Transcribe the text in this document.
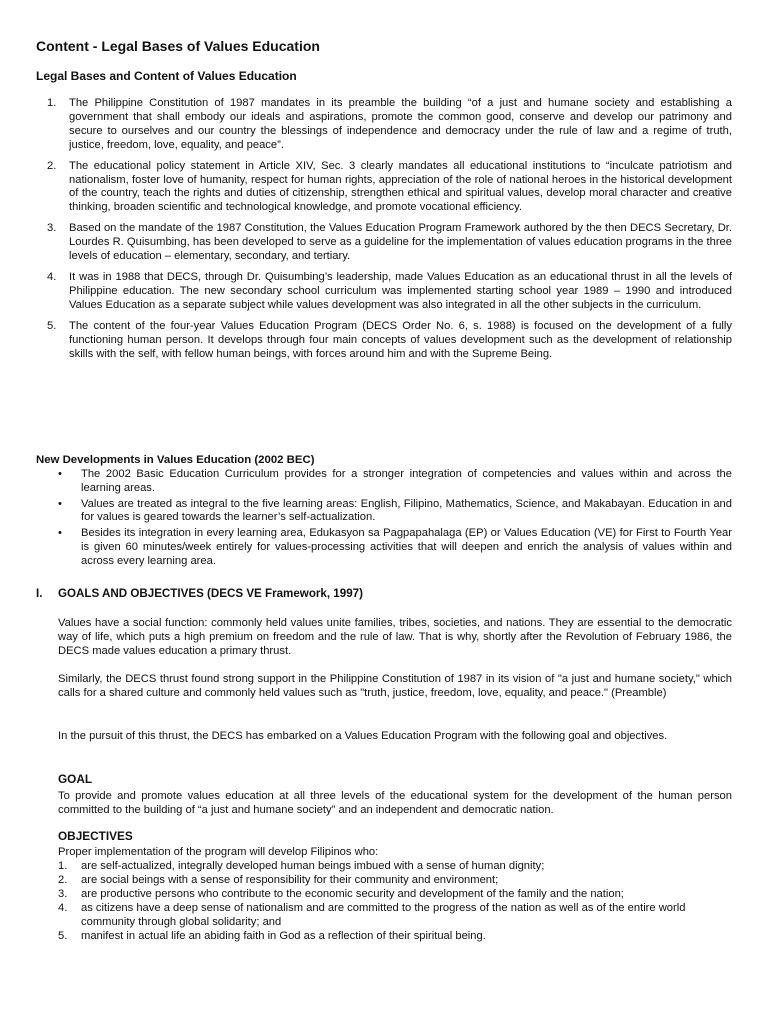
Content - Legal Bases of Values Education
Legal Bases and Content of Values Education
1. The Philippine Constitution of 1987 mandates in its preamble the building “of a just and humane society and establishing a government that shall embody our ideals and aspirations, promote the common good, conserve and develop our patrimony and secure to ourselves and our country the blessings of independence and democracy under the rule of law and a regime of truth, justice, freedom, love, equality, and peace”.
2. The educational policy statement in Article XIV, Sec. 3 clearly mandates all educational institutions to “inculcate patriotism and nationalism, foster love of humanity, respect for human rights, appreciation of the role of national heroes in the historical development of the country, teach the rights and duties of citizenship, strengthen ethical and spiritual values, develop moral character and creative thinking, broaden scientific and technological knowledge, and promote vocational efficiency.
3. Based on the mandate of the 1987 Constitution, the Values Education Program Framework authored by the then DECS Secretary, Dr. Lourdes R. Quisumbing, has been developed to serve as a guideline for the implementation of values education programs in the three levels of education – elementary, secondary, and tertiary.
4. It was in 1988 that DECS, through Dr. Quisumbing’s leadership, made Values Education as an educational thrust in all the levels of Philippine education. The new secondary school curriculum was implemented starting school year 1989 – 1990 and introduced Values Education as a separate subject while values development was also integrated in all the other subjects in the curriculum.
5. The content of the four-year Values Education Program (DECS Order No. 6, s. 1988) is focused on the development of a fully functioning human person. It develops through four main concepts of values development such as the development of relationship skills with the self, with fellow human beings, with forces around him and with the Supreme Being.
New Developments in Values Education (2002 BEC)
• The 2002 Basic Education Curriculum provides for a stronger integration of competencies and values within and across the learning areas.
• Values are treated as integral to the five learning areas: English, Filipino, Mathematics, Science, and Makabayan. Education in and for values is geared towards the learner’s self-actualization.
• Besides its integration in every learning area, Edukasyon sa Pagpapahalaga (EP) or Values Education (VE) for First to Fourth Year is given 60 minutes/week entirely for values-processing activities that will deepen and enrich the analysis of values within and across every learning area.
I. GOALS AND OBJECTIVES (DECS VE Framework, 1997)

Values have a social function: commonly held values unite families, tribes, societies, and nations. They are essential to the democratic way of life, which puts a high premium on freedom and the rule of law. That is why, shortly after the Revolution of February 1986, the DECS made values education a primary thrust.

Similarly, the DECS thrust found strong support in the Philippine Constitution of 1987 in its vision of "a just and humane society," which calls for a shared culture and commonly held values such as "truth, justice, freedom, love, equality, and peace." (Preamble)

In the pursuit of this thrust, the DECS has embarked on a Values Education Program with the following goal and objectives.

GOAL

To provide and promote values education at all three levels of the educational system for the development of the human person committed to the building of “a just and humane society” and an independent and democratic nation.

OBJECTIVES

Proper implementation of the program will develop Filipinos who:

1. are self-actualized, integrally developed human beings imbued with a sense of human dignity;
2. are social beings with a sense of responsibility for their community and environment;
3. are productive persons who contribute to the economic security and development of the family and the nation;
4. as citizens have a deep sense of nationalism and are committed to the progress of the nation as well as of the entire world community through global solidarity; and
5. manifest in actual life an abiding faith in God as a reflection of their spiritual being.
